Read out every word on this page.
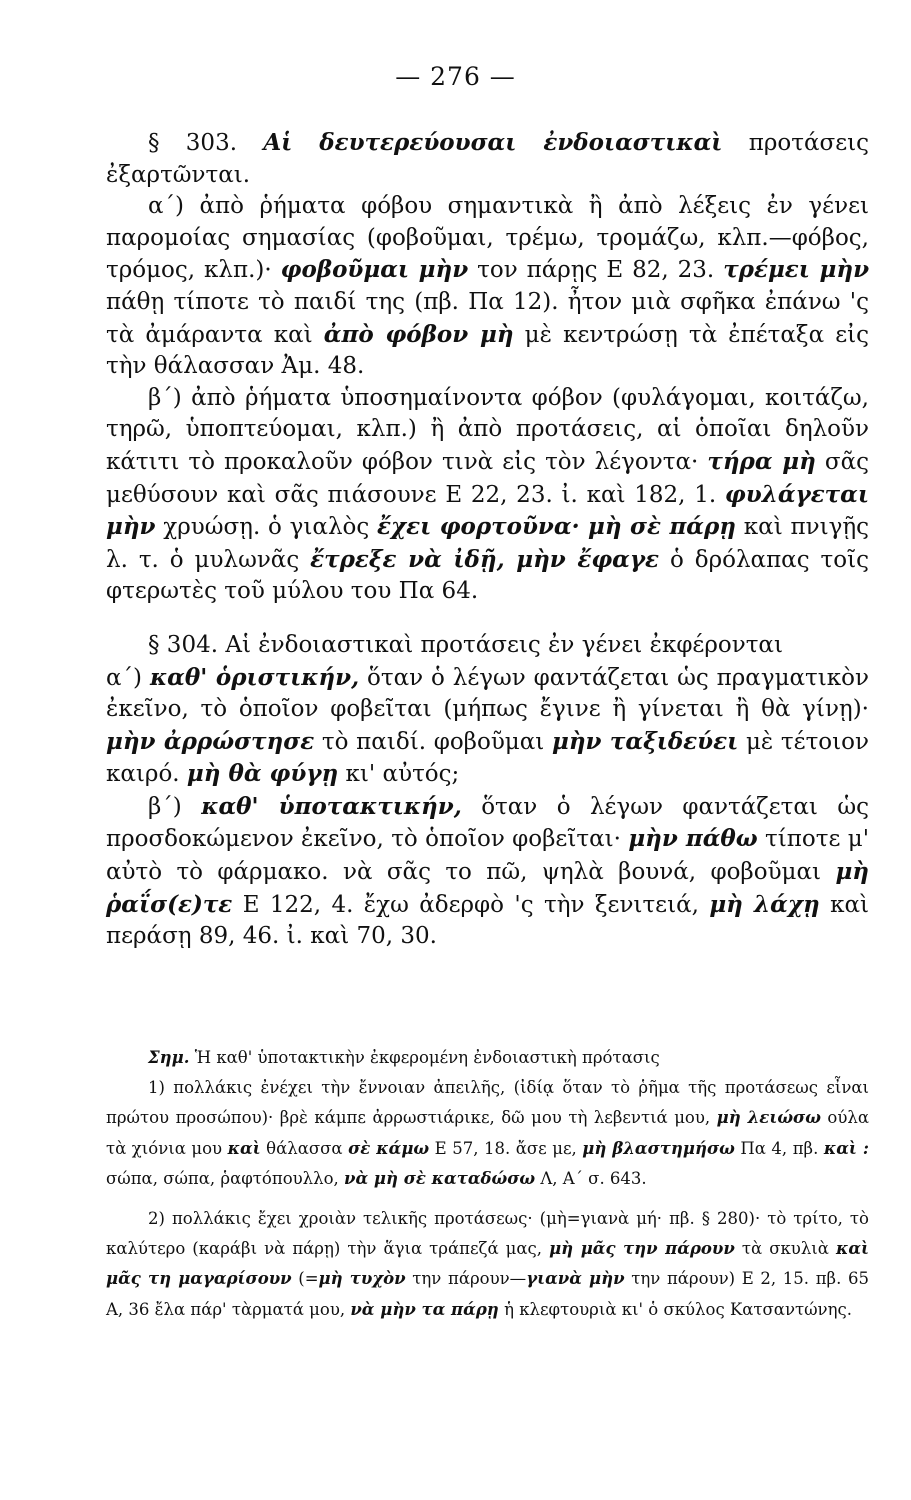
— 276 —

§ 303. Αἱ δευτερεύουσαι ἐνδοιαστικαὶ προτάσεις ἐξαρτῶνται.

α΄) ἀπὸ ῥήματα φόβου σημαντικὰ ἢ ἀπὸ λέξεις ἐν γένει παρομοίας σημασίας (φοβοῦμαι, τρέμω, τρομάζω, κλπ.—φόβος, τρόμος, κλπ.)· φοβοῦμαι μὴν τον πάρῃς Ε 82, 23. τρέμει μὴν πάθῃ τίποτε τὸ παιδί της (πβ. Πα 12). ἦτον μιὰ σφῆκα ἐπάνω 'ς τὰ ἀμάραντα καὶ ἀπὸ φόβον μὴ μὲ κεντρώσῃ τὰ ἐπέταξα εἰς τὴν θάλασσαν Ἀμ. 48.

β΄) ἀπὸ ῥήματα ὑποσημαίνοντα φόβον (φυλάγομαι, κοιτάζω, τηρῶ, ὑποπτεύομαι, κλπ.) ἢ ἀπὸ προτάσεις, αἱ ὁποῖαι δηλοῦν κάτιτι τὸ προκαλοῦν φόβον τινὰ εἰς τὸν λέγοντα· τήρα μὴ σᾶς μεθύσουν καὶ σᾶς πιάσουνε Ε 22, 23. ἰ. καὶ 182, 1. φυλάγεται μὴν χρυώσῃ. ὁ γιαλὸς ἔχει φορτοῦνα· μὴ σὲ πάρῃ καὶ πνιγῇς λ. τ. ὁ μυλωνᾶς ἔτρεξε νὰ ἰδῇ, μὴν ἔφαγε ὁ δρόλαπας τοῖς φτερωτὲς τοῦ μύλου του Πα 64.

§ 304. Αἱ ἐνδοιαστικαὶ προτάσεις ἐν γένει ἐκφέρονται

α΄) καθ' ὁριστικήν, ὅταν ὁ λέγων φαντάζεται ὡς πραγματικὸν ἐκεῖνο, τὸ ὁποῖον φοβεῖται (μήπως ἔγινε ἢ γίνεται ἢ θὰ γίνῃ)· μὴν ἀρρώστησε τὸ παιδί. φοβοῦμαι μὴν ταξιδεύει μὲ τέτοιον καιρό. μὴ θὰ φύγῃ κι' αὐτός;

β΄) καθ' ὑποτακτικήν, ὅταν ὁ λέγων φαντάζεται ὡς προσδοκώμενον ἐκεῖνο, τὸ ὁποῖον φοβεῖται· μὴν πάθω τίποτε μ' αὐτὸ τὸ φάρμακο. νὰ σᾶς το πῶ, ψηλὰ βουνά, φοβοῦμαι μὴ ῥαΐσ(ε)τε Ε 122, 4. ἔχω ἀδερφὸ 'ς τὴν ξενιτειά, μὴ λάχῃ καὶ περάσῃ 89, 46. ἰ. καὶ 70, 30.

Σημ. Ἡ καθ' ὑποτακτικὴν ἐκφερομένη ἐνδοιαστικὴ πρότασις

1) πολλάκις ἐνέχει τὴν ἔννοιαν ἀπειλῆς, (ἰδίᾳ ὅταν τὸ ῥῆμα τῆς προτάσεως εἶναι πρώτου προσώπου)· βρὲ κάμπε ἀρρωστιάρικε, δῶ μου τὴ λεβεντιά μου, μὴ λειώσω ούλα τὰ χιόνια μου καὶ θάλασσα σὲ κάμω Ε 57, 18. ἄσε με, μὴ βλαστημήσω Πα 4, πβ. καὶ : σώπα, σώπα, ῥαφτόπουλλο, νὰ μὴ σὲ καταδώσω Λ, Α΄ σ. 643.

2) πολλάκις ἔχει χροιὰν τελικῆς προτάσεως· (μὴ=γιανὰ μή· πβ. § 280)· τὸ τρίτο, τὸ καλύτερο (καράβι νὰ πάρῃ) τὴν ἅγια τράπεζά μας, μὴ μᾶς την πάρουν τὰ σκυλιὰ καὶ μᾶς τη μαγαρίσουν (=μὴ τυχὸν την πάρουν—γιανὰ μὴν την πάρουν) Ε 2, 15. πβ. 65 Α, 36 ἔλα πάρ' τὰρματά μου, νὰ μὴν τα πάρῃ ἡ κλεφτουριὰ κι' ὁ σκύλος Κατσαντώνης.
